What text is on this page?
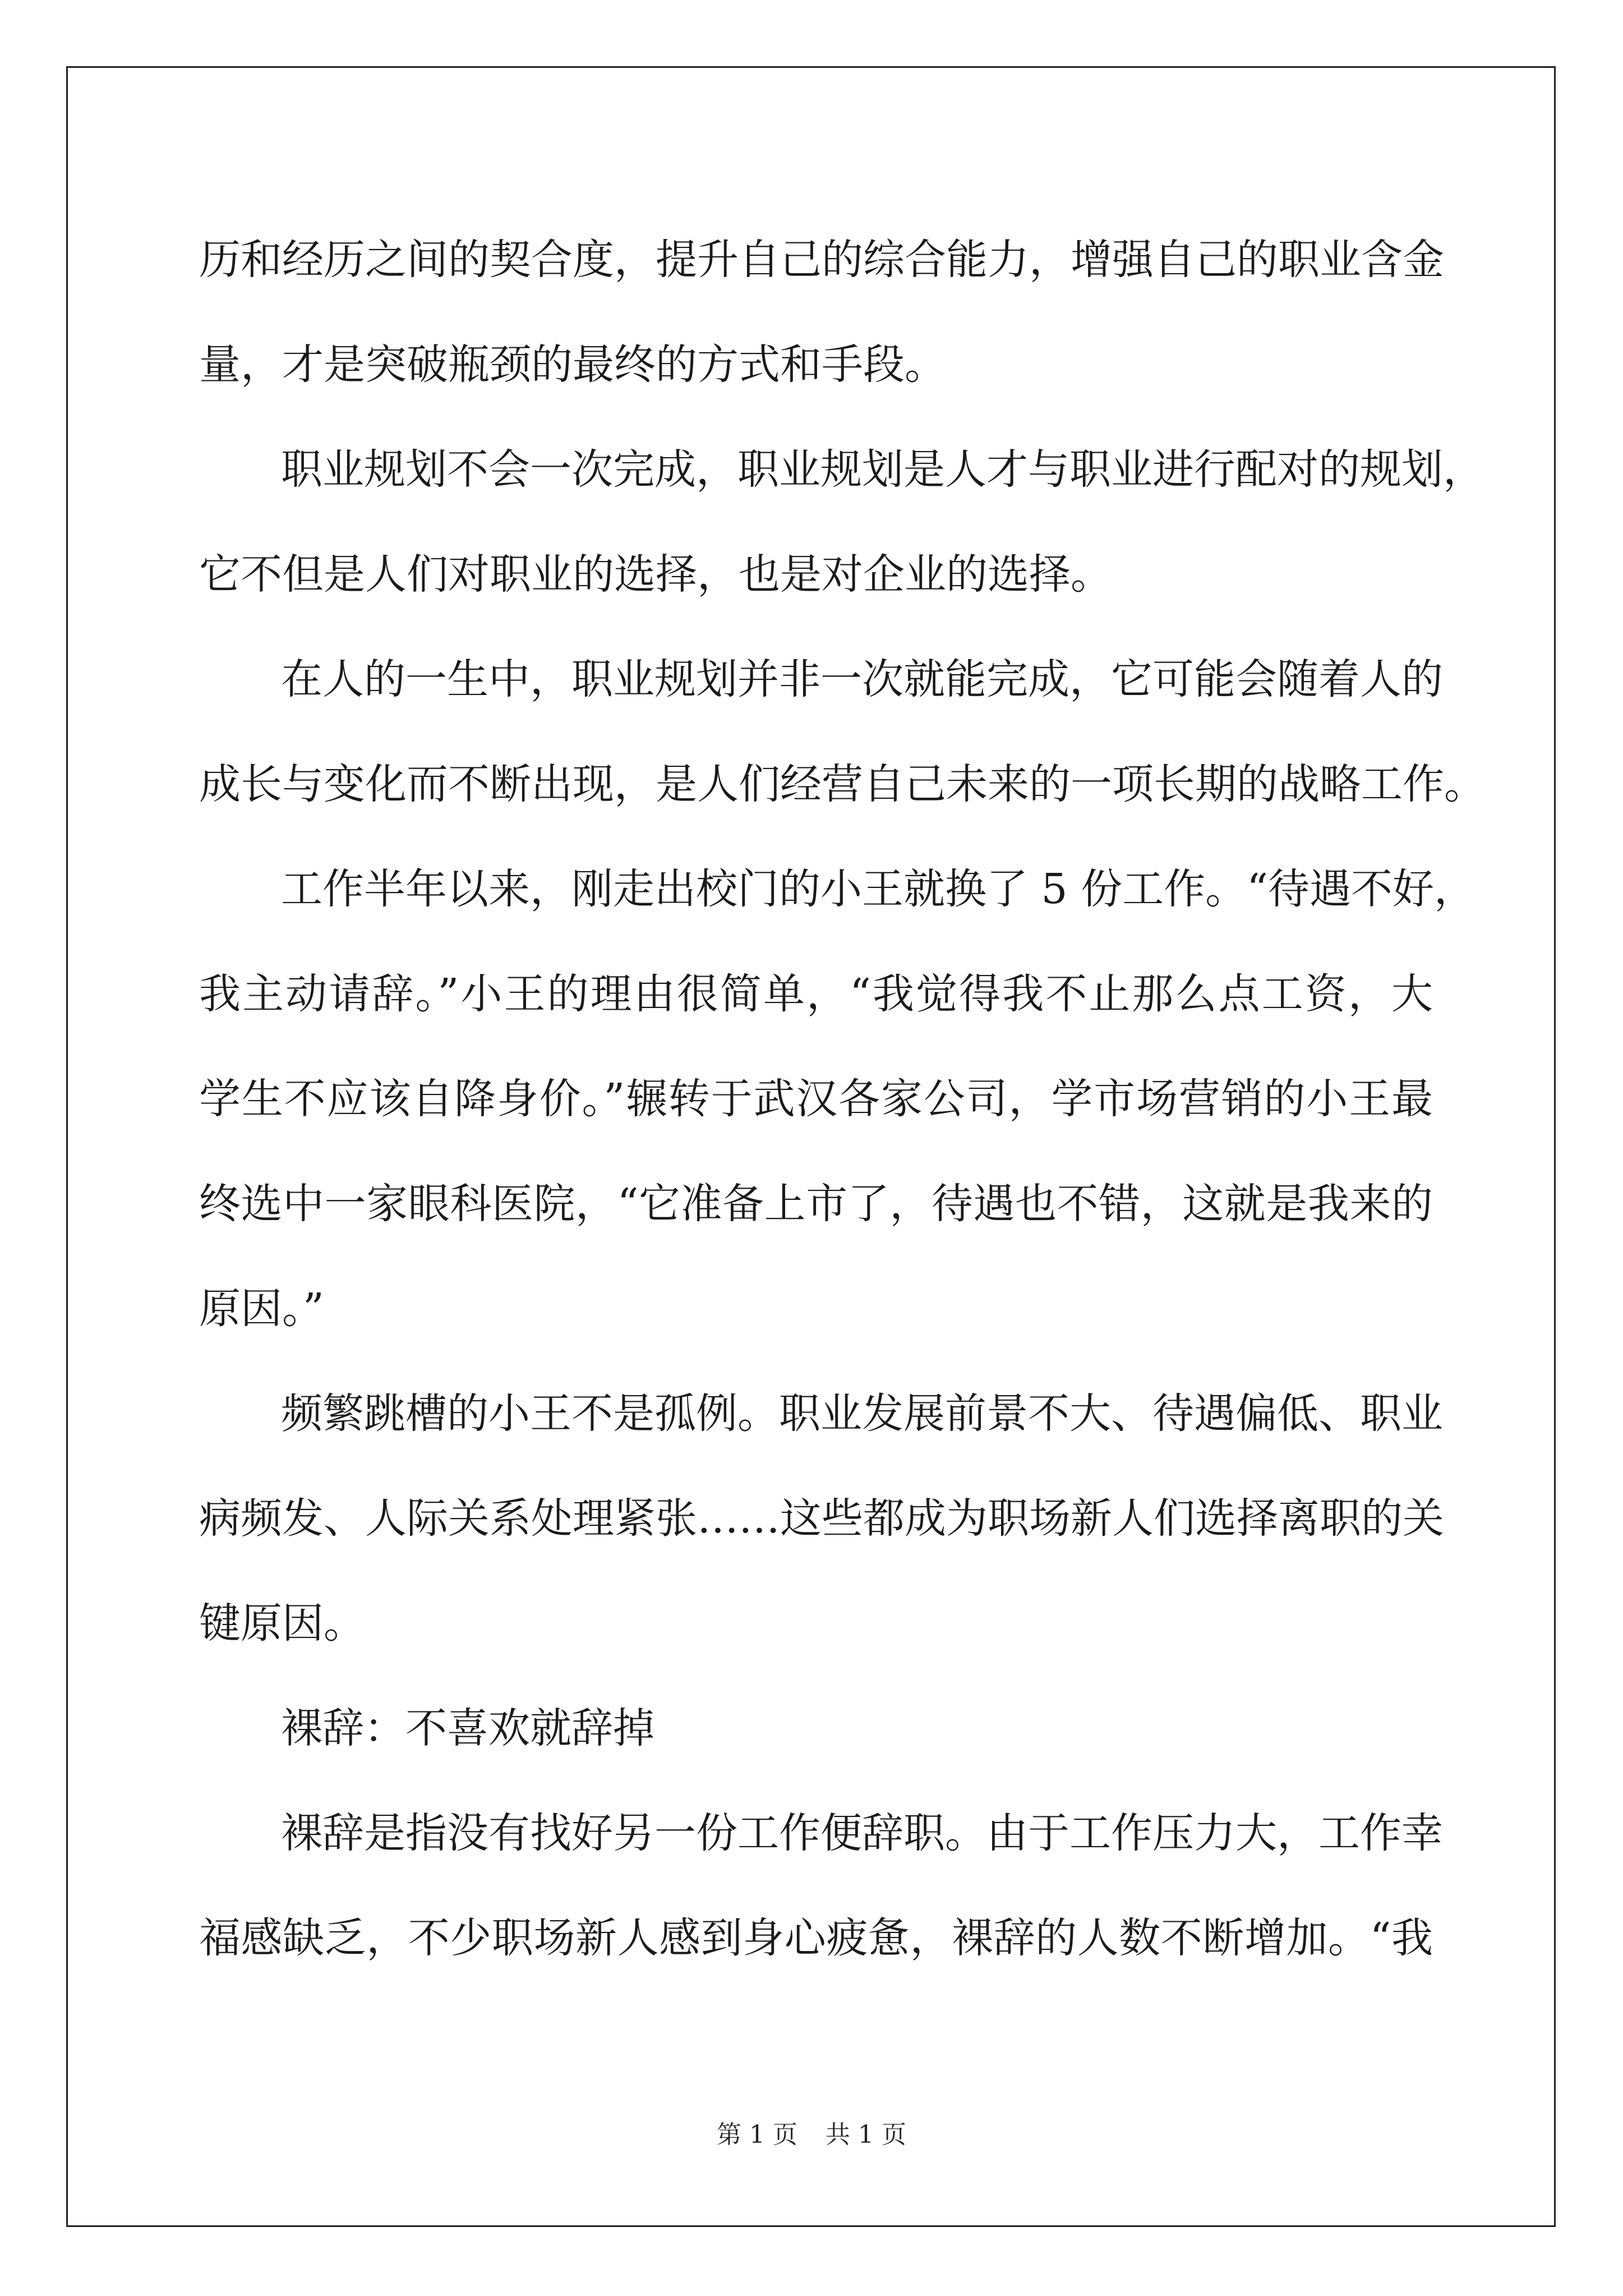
历和经历之间的契合度，提升自己的综合能力，增强自己的职业含金
量，才是突破瓶颈的最终的方式和手段。
职业规划不会一次完成，职业规划是人才与职业进行配对的规划，
它不但是人们对职业的选择，也是对企业的选择。
在人的一生中，职业规划并非一次就能完成，它可能会随着人的
成长与变化而不断出现，是人们经营自己未来的一项长期的战略工作。
工作半年以来，刚走出校门的小王就换了 5 份工作。“待遇不好，
我主动请辞。”小王的理由很简单，“我觉得我不止那么点工资，大
学生不应该自降身价。”辗转于武汉各家公司，学市场营销的小王最
终选中一家眼科医院，“它准备上市了，待遇也不错，这就是我来的
原因。”
频繁跳槽的小王不是孤例。职业发展前景不大、待遇偏低、职业
病频发、人际关系处理紧张……这些都成为职场新人们选择离职的关
键原因。
裸辞：不喜欢就辞掉
裸辞是指没有找好另一份工作便辞职。由于工作压力大，工作幸
福感缺乏，不少职场新人感到身心疲惫，裸辞的人数不断增加。“我
第 1 页 共 1 页
